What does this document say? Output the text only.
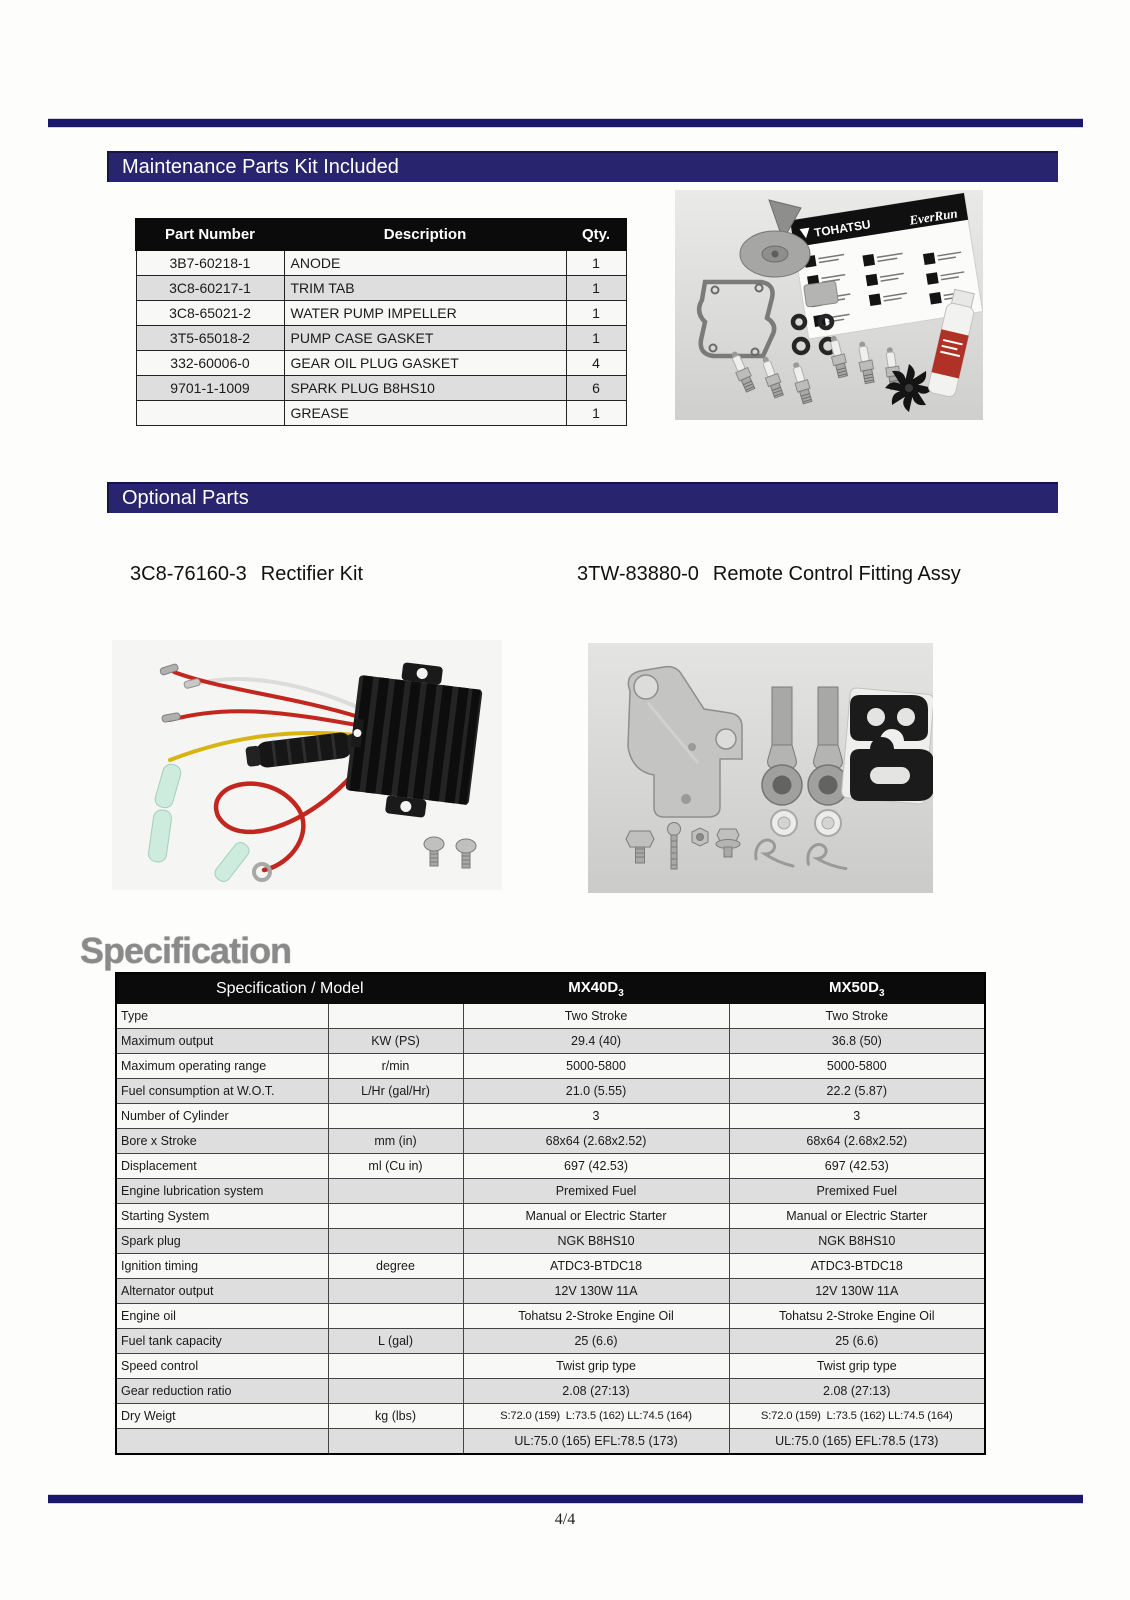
Maintenance Parts Kit Included
Part Number	Description	Qty.
3B7-60218-1	ANODE	1
3C8-60217-1	TRIM TAB	1
3C8-65021-2	WATER PUMP IMPELLER	1
3T5-65018-2	PUMP CASE GASKET	1
332-60006-0	GEAR OIL PLUG GASKET	4
9701-1-1009	SPARK PLUG B8HS10	6
	GREASE	1
TOHATSU
EverRun
Optional Parts
3C8-76160-3 Rectifier Kit	3TW-83880-0 Remote Control Fitting Assy
Specification
Specification / Model		$MX40D_3$	$MX50D_3$
Type		Two Stroke	Two Stroke
Maximum output	KW (PS)	29.4 (40)	36.8 (50)
Maximum operating range	r/min	5000-5800	5000-5800
Fuel consumption at W.O.T.	L/Hr (gal/Hr)	21.0 (5.55)	22.2 (5.87)
Number of Cylinder		3	3
Bore x Stroke	mm (in)	68x64 (2.68x2.52)	68x64 (2.68x2.52)
Displacement	ml (Cu in)	697 (42.53)	697 (42.53)
Engine lubrication system		Premixed Fuel	Premixed Fuel
Starting System		Manual or Electric Starter	Manual or Electric Starter
Spark plug		NGK B8HS10	NGK B8HS10
Ignition timing	degree	ATDC3-BTDC18	ATDC3-BTDC18
Alternator output		12V 130W 11A	12V 130W 11A
Engine oil		Tohatsu 2-Stroke Engine Oil	Tohatsu 2-Stroke Engine Oil
Fuel tank capacity	L (gal)	25 (6.6)	25 (6.6)
Speed control		Twist grip type	Twist grip type
Gear reduction ratio		2.08 (27:13)	2.08 (27:13)
Dry Weigt	kg (lbs)	S:72.0 (159)  L:73.5 (162) LL:74.5 (164)	S:72.0 (159)  L:73.5 (162) LL:74.5 (164)
		UL:75.0 (165) EFL:78.5 (173)	UL:75.0 (165) EFL:78.5 (173)
4/4
